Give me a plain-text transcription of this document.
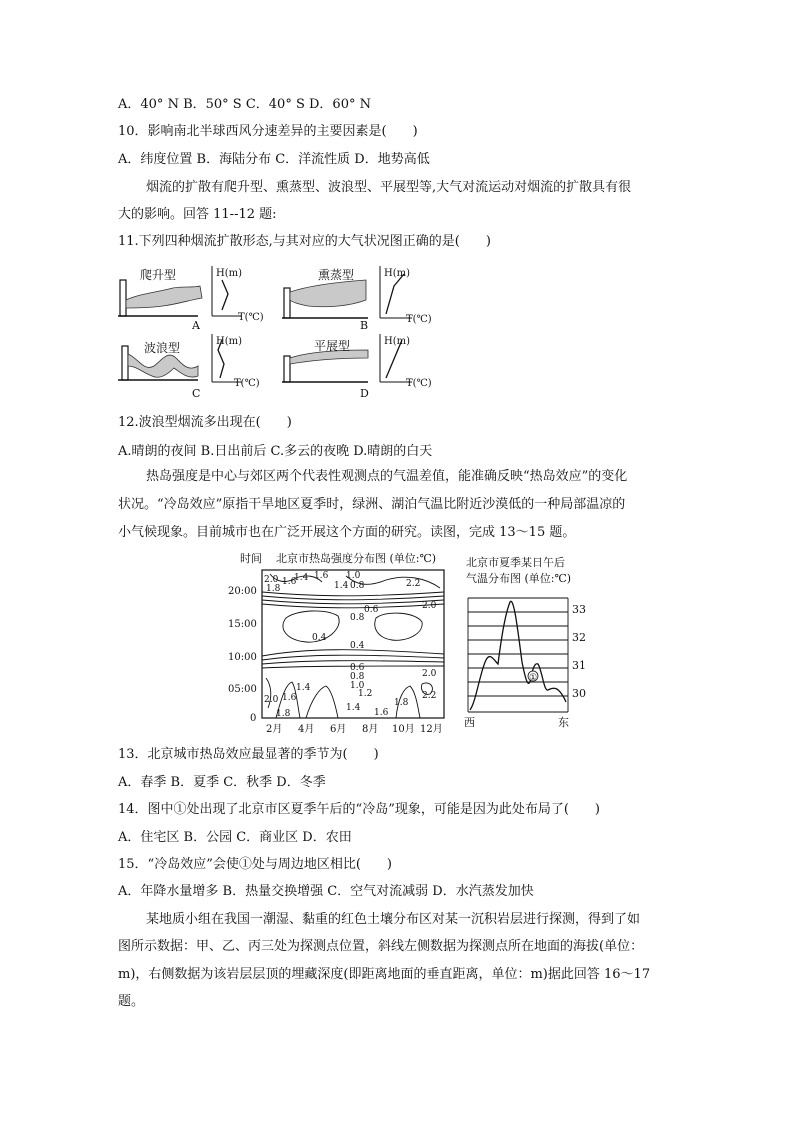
A．40° N B．50° S C．40° S D．60° N
10．影响南北半球西风分速差异的主要因素是(　　)
A．纬度位置 B．海陆分布 C．洋流性质 D．地势高低
烟流的扩散有爬升型、熏蒸型、波浪型、平展型等,大气对流运动对烟流的扩散具有很
大的影响。回答 11--12 题:
11.下列四种烟流扩散形态,与其对应的大气状况图正确的是(　　)
爬升型	H(m)
T(℃)
A
熏蒸型	H(m)
T(℃)
B
波浪型	H(m)
T(℃)
C
平展型	H(m)
T(℃)
D
12.波浪型烟流多出现在(　　)
A.晴朗的夜间 B.日出前后 C.多云的夜晚 D.晴朗的白天
热岛强度是中心与郊区两个代表性观测点的气温差值，能准确反映“热岛效应”的变化
状况。“冷岛效应”原指干旱地区夏季时，绿洲、湖泊气温比附近沙漠低的一种局部温凉的
小气候现象。目前城市也在广泛开展这个方面的研究。读图，完成 13～15 题。
时间 北京市热岛强度分布图 (单位:℃)
20:00
15:00
10:00
05:00
0
2月 4月 6月 8月 10月 12月
2.0
1.8
1.6
1.4 1.6
1.4
1.0
0.8
0.6
0.8
2.2
2.0
0.4
0.4
0.6
0.8
1.0
1.2
1.4
2.0 1.6
1.8
1.4 1.6
1.8
2.2
2.0
北京市夏季某日午后
气温分布图 (单位:℃)
①
33
32
31
30
西	东
13．北京城市热岛效应最显著的季节为(　　)
A．春季 B．夏季 C．秋季 D．冬季
14．图中①处出现了北京市区夏季午后的“冷岛”现象，可能是因为此处布局了(　　)
A．住宅区 B．公园 C．商业区 D．农田
15．“冷岛效应”会使①处与周边地区相比(　　)
A．年降水量增多 B．热量交换增强 C．空气对流减弱 D．水汽蒸发加快
某地质小组在我国一潮湿、黏重的红色土壤分布区对某一沉积岩层进行探测，得到了如
图所示数据：甲、乙、丙三处为探测点位置，斜线左侧数据为探测点所在地面的海拔(单位：
m)，右侧数据为该岩层层顶的埋藏深度(即距离地面的垂直距离，单位：m)据此回答 16～17
题。
